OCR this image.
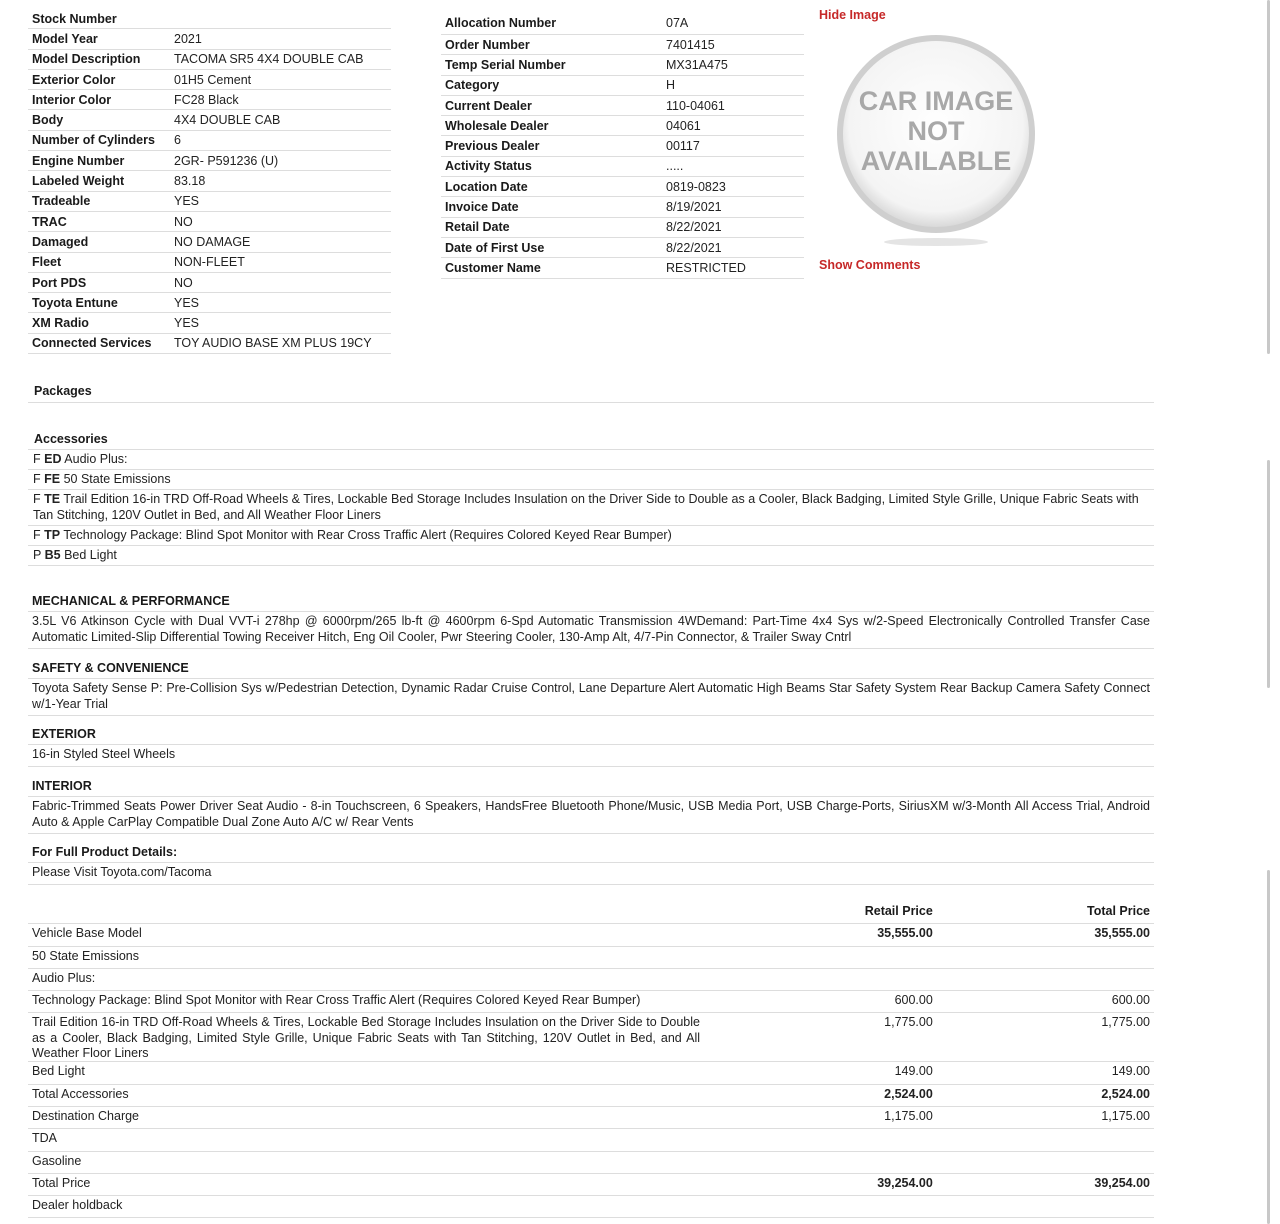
Stock Number	
Model Year	2021
Model Description	TACOMA SR5 4X4 DOUBLE CAB
Exterior Color	01H5 Cement
Interior Color	FC28 Black
Body	4X4 DOUBLE CAB
Number of Cylinders	6
Engine Number	2GR- P591236 (U)
Labeled Weight	83.18
Tradeable	YES
TRAC	NO
Damaged	NO DAMAGE
Fleet	NON-FLEET
Port PDS	NO
Toyota Entune	YES
XM Radio	YES
Connected Services	TOY AUDIO BASE XM PLUS 19CY
Allocation Number	07A
Order Number	7401415
Temp Serial Number	MX31A475
Category	H
Current Dealer	110-04061
Wholesale Dealer	04061
Previous Dealer	00117
Activity Status	.....
Location Date	0819-0823
Invoice Date	8/19/2021
Retail Date	8/22/2021
Date of First Use	8/22/2021
Customer Name	RESTRICTED
Hide Image
CAR IMAGE
NOT
AVAILABLE
Show Comments
Packages
Accessories
F ED Audio Plus:
F FE 50 State Emissions
F TE Trail Edition 16-in TRD Off-Road Wheels & Tires, Lockable Bed Storage Includes Insulation on the Driver Side to Double as a Cooler, Black Badging, Limited Style Grille, Unique Fabric Seats with Tan Stitching, 120V Outlet in Bed, and All Weather Floor Liners
F TP Technology Package: Blind Spot Monitor with Rear Cross Traffic Alert (Requires Colored Keyed Rear Bumper)
P B5 Bed Light
MECHANICAL & PERFORMANCE
3.5L V6 Atkinson Cycle with Dual VVT-i 278hp @ 6000rpm/265 lb-ft @ 4600rpm 6-Spd Automatic Transmission 4WDemand: Part-Time 4x4 Sys w/2-Speed Electronically Controlled Transfer Case Automatic Limited-Slip Differential Towing Receiver Hitch, Eng Oil Cooler, Pwr Steering Cooler, 130-Amp Alt, 4/7-Pin Connector, & Trailer Sway Cntrl
SAFETY & CONVENIENCE
Toyota Safety Sense P: Pre-Collision Sys w/Pedestrian Detection, Dynamic Radar Cruise Control, Lane Departure Alert Automatic High Beams Star Safety System Rear Backup Camera Safety Connect w/1-Year Trial
EXTERIOR
16-in Styled Steel Wheels
INTERIOR
Fabric-Trimmed Seats Power Driver Seat Audio - 8-in Touchscreen, 6 Speakers, HandsFree Bluetooth Phone/Music, USB Media Port, USB Charge-Ports, SiriusXM w/3-Month All Access Trial, Android Auto & Apple CarPlay Compatible Dual Zone Auto A/C w/ Rear Vents
For Full Product Details:
Please Visit Toyota.com/Tacoma
	Retail Price	Total Price
Vehicle Base Model	35,555.00	35,555.00
50 State Emissions		
Audio Plus:		
Technology Package: Blind Spot Monitor with Rear Cross Traffic Alert (Requires Colored Keyed Rear Bumper)	600.00	600.00
Trail Edition 16-in TRD Off-Road Wheels & Tires, Lockable Bed Storage Includes Insulation on the Driver Side to Double as a Cooler, Black Badging, Limited Style Grille, Unique Fabric Seats with Tan Stitching, 120V Outlet in Bed, and All Weather Floor Liners	1,775.00	1,775.00
Bed Light	149.00	149.00
Total Accessories	2,524.00	2,524.00
Destination Charge	1,175.00	1,175.00
TDA		
Gasoline		
Total Price	39,254.00	39,254.00
Dealer holdback		
